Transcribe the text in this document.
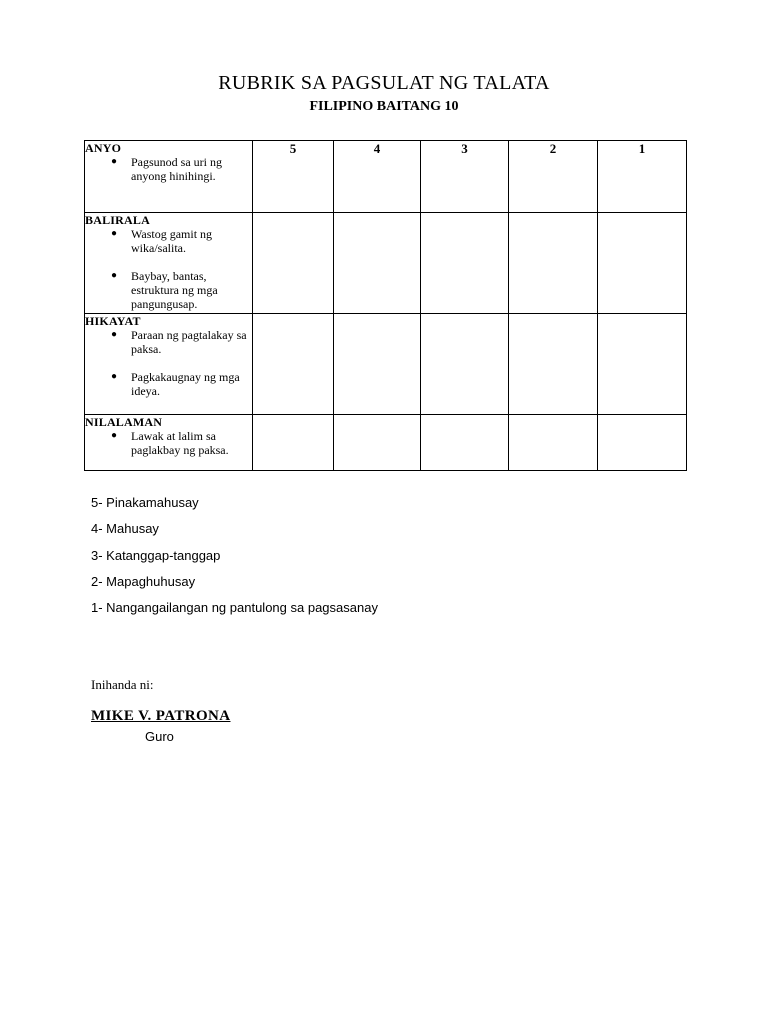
RUBRIK SA PAGSULAT NG TALATA
FILIPINO BAITANG 10
ANYO
● Pagsunod sa uri ng anyong hinihingi.	5	4	3	2	1

BALIRALA
● Wastog gamit ng wika/salita.
● Baybay, bantas, estruktura ng mga pangungusap.					

HIKAYAT
● Paraan ng pagtalakay sa paksa.
● Pagkakaugnay ng mga ideya.					

NILALAMAN
● Lawak at lalim sa paglakbay ng paksa.					

5- Pinakamahusay
4- Mahusay
3- Katanggap-tanggap
2- Mapaghuhusay
1- Nangangailangan ng pantulong sa pagsasanay
Inihanda ni:
MIKE V. PATRONA
Guro
